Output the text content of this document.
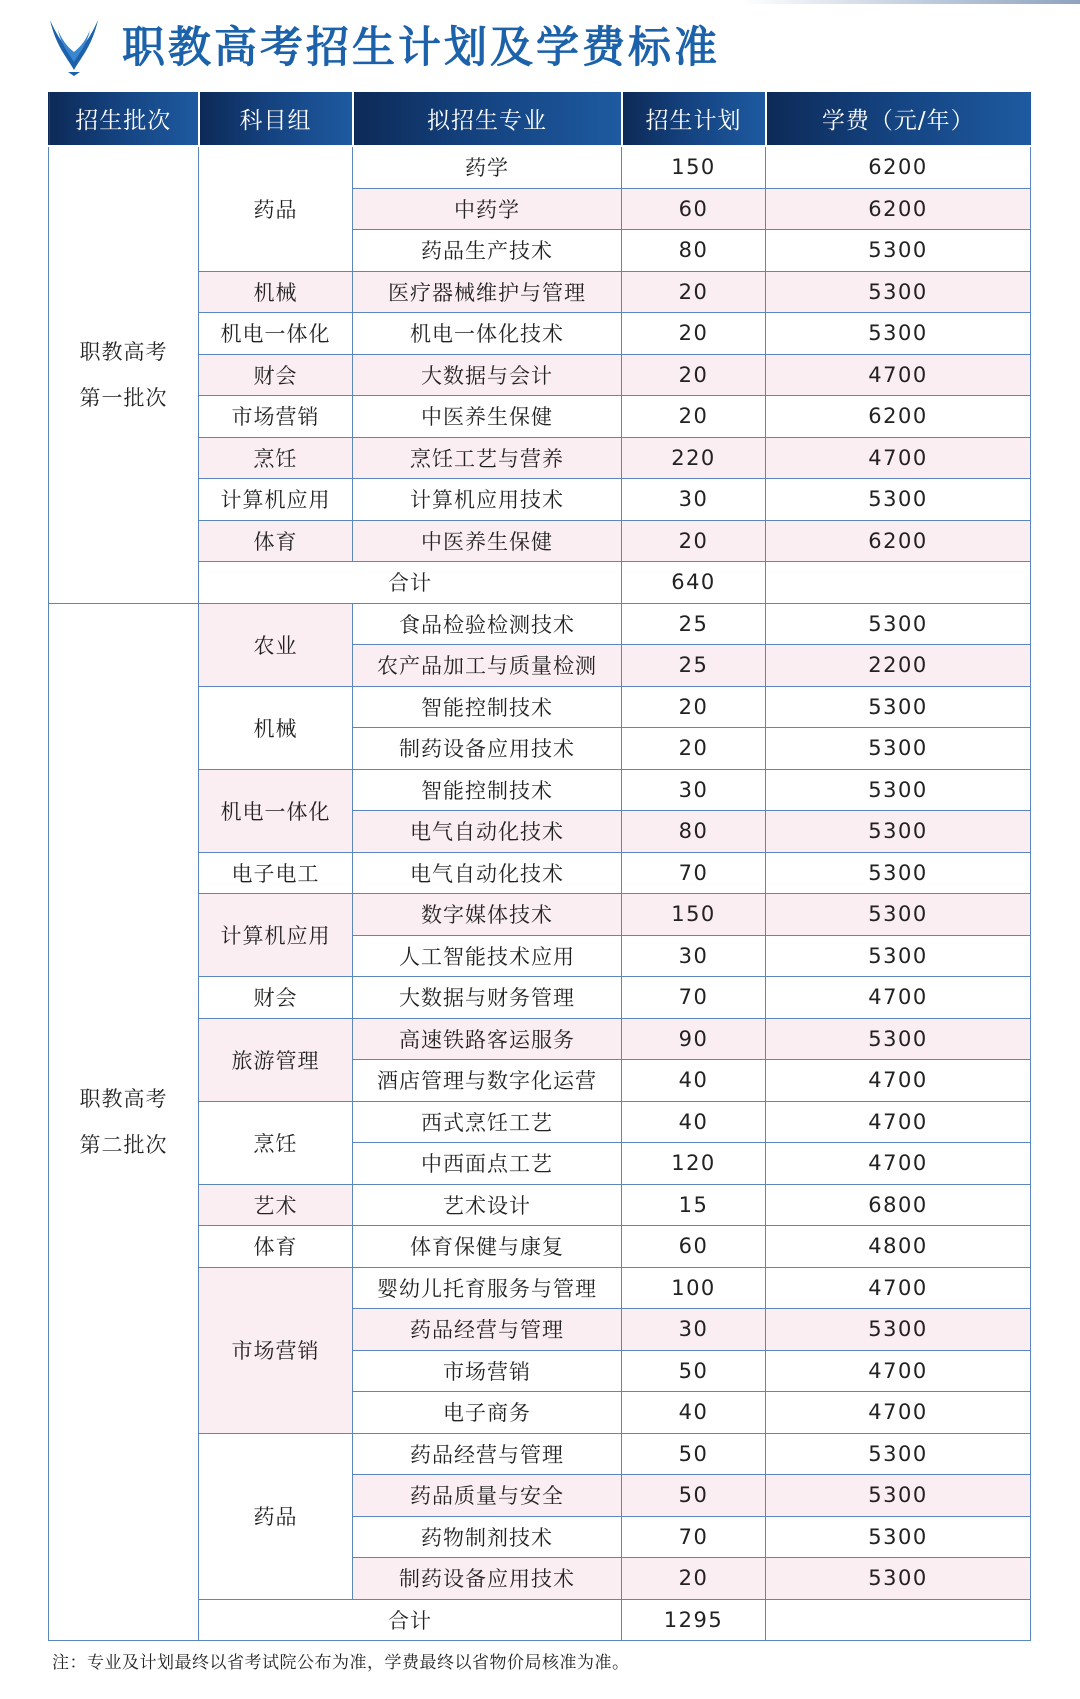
职教高考招生计划及学费标准
招生批次	科目组	拟招生专业	招生计划	学费（元/年）

职教高考
第一批次	药品	药学	150	6200
		中药学	60	6200
		药品生产技术	80	5300
	机械	医疗器械维护与管理	20	5300
	机电一体化	机电一体化技术	20	5300
	财会	大数据与会计	20	4700
	市场营销	中医养生保健	20	6200
	烹饪	烹饪工艺与营养	220	4700
	计算机应用	计算机应用技术	30	5300
	体育	中医养生保健	20	6200
	合计		640	

职教高考
第二批次	农业	食品检验检测技术	25	5300
		农产品加工与质量检测	25	2200
	机械	智能控制技术	20	5300
		制药设备应用技术	20	5300
	机电一体化	智能控制技术	30	5300
		电气自动化技术	80	5300
	电子电工	电气自动化技术	70	5300
	计算机应用	数字媒体技术	150	5300
		人工智能技术应用	30	5300
	财会	大数据与财务管理	70	4700
	旅游管理	高速铁路客运服务	90	5300
		酒店管理与数字化运营	40	4700
	烹饪	西式烹饪工艺	40	4700
		中西面点工艺	120	4700
	艺术	艺术设计	15	6800
	体育	体育保健与康复	60	4800
	市场营销	婴幼儿托育服务与管理	100	4700
		药品经营与管理	30	5300
		市场营销	50	4700
		电子商务	40	4700
	药品	药品经营与管理	50	5300
		药品质量与安全	50	5300
		药物制剂技术	70	5300
		制药设备应用技术	20	5300
	合计		1295	

注：专业及计划最终以省考试院公布为准，学费最终以省物价局核准为准。
